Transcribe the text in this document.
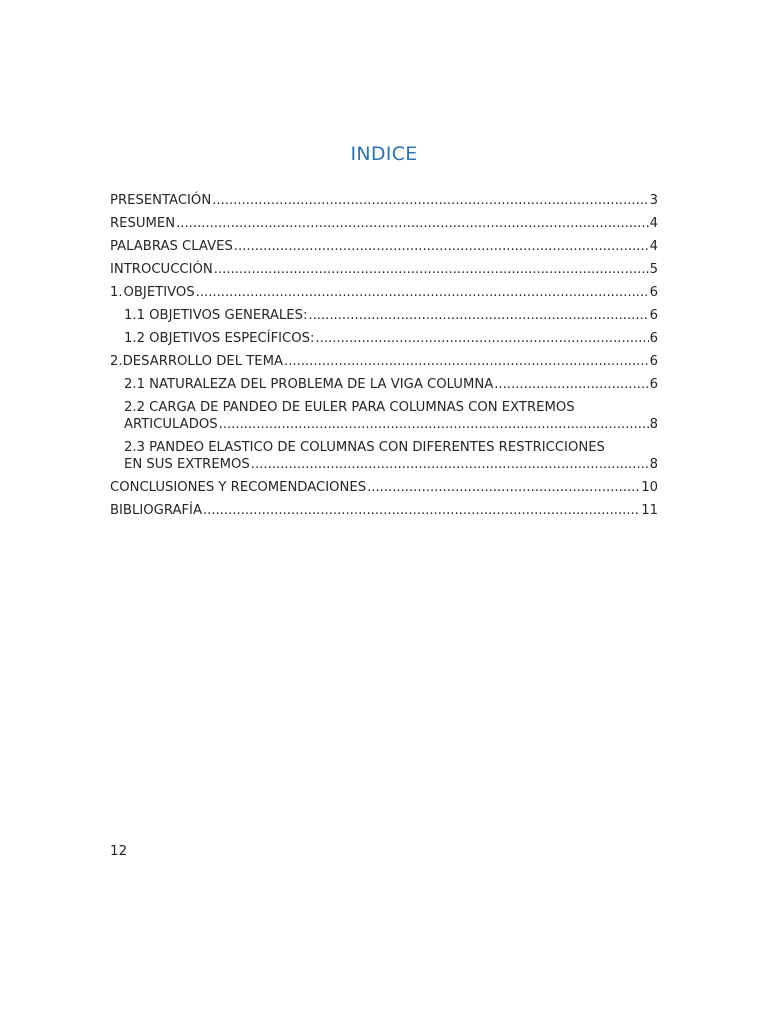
INDICE
PRESENTACIÓN .....	3
RESUMEN .....	4
PALABRAS CLAVES .....	4
INTROCUCCIÓN .....	5
1. OBJETIVOS .....	6
1.1 OBJETIVOS GENERALES: .....	6
1.2 OBJETIVOS ESPECÍFICOS: .....	6
2. DESARROLLO DEL TEMA .....	6
2.1 NATURALEZA DEL PROBLEMA DE LA VIGA COLUMNA .....	6
2.2 CARGA DE PANDEO DE EULER PARA COLUMNAS CON EXTREMOS
ARTICULADOS .....	8
2.3 PANDEO ELASTICO DE COLUMNAS CON DIFERENTES RESTRICCIONES
EN SUS EXTREMOS .....	8
CONCLUSIONES Y RECOMENDACIONES .....	10
BIBLIOGRAFÍA .....	11
12
